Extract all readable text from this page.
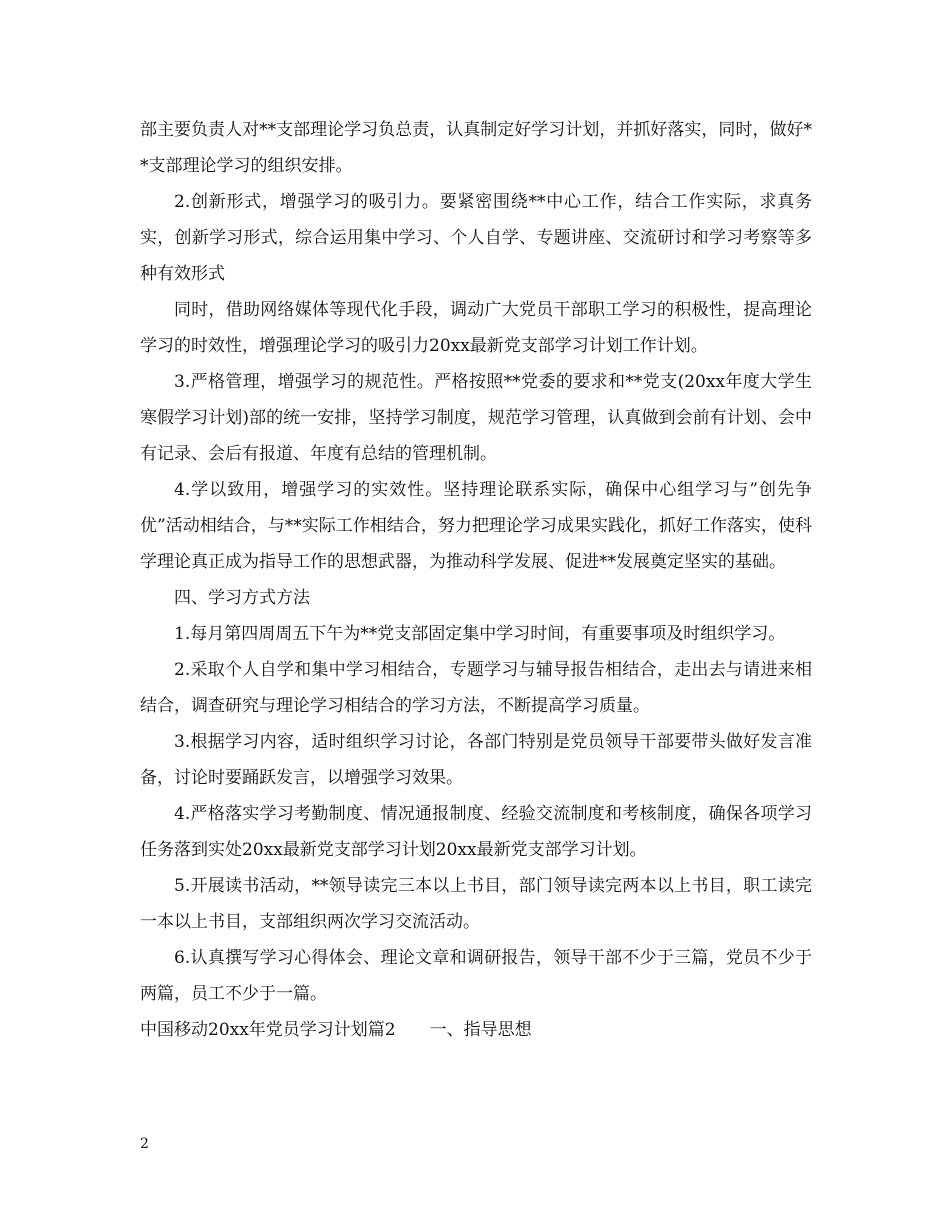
部主要负责人对**支部理论学习负总责，认真制定好学习计划，并抓好落实，同时，做好**支部理论学习的组织安排。

2.创新形式，增强学习的吸引力。要紧密围绕**中心工作，结合工作实际，求真务实，创新学习形式，综合运用集中学习、个人自学、专题讲座、交流研讨和学习考察等多种有效形式

同时，借助网络媒体等现代化手段，调动广大党员干部职工学习的积极性，提高理论学习的时效性，增强理论学习的吸引力20xx最新党支部学习计划工作计划。

3.严格管理，增强学习的规范性。严格按照**党委的要求和**党支(20xx年度大学生寒假学习计划)部的统一安排，坚持学习制度，规范学习管理，认真做到会前有计划、会中有记录、会后有报道、年度有总结的管理机制。

4.学以致用，增强学习的实效性。坚持理论联系实际，确保中心组学习与”创先争优”活动相结合，与**实际工作相结合，努力把理论学习成果实践化，抓好工作落实，使科学理论真正成为指导工作的思想武器，为推动科学发展、促进**发展奠定坚实的基础。

四、学习方式方法

1.每月第四周周五下午为**党支部固定集中学习时间，有重要事项及时组织学习。

2.采取个人自学和集中学习相结合，专题学习与辅导报告相结合，走出去与请进来相结合，调查研究与理论学习相结合的学习方法，不断提高学习质量。

3.根据学习内容，适时组织学习讨论，各部门特别是党员领导干部要带头做好发言准备，讨论时要踊跃发言，以增强学习效果。

4.严格落实学习考勤制度、情况通报制度、经验交流制度和考核制度，确保各项学习任务落到实处20xx最新党支部学习计划20xx最新党支部学习计划。

5.开展读书活动，**领导读完三本以上书目，部门领导读完两本以上书目，职工读完一本以上书目，支部组织两次学习交流活动。

6.认真撰写学习心得体会、理论文章和调研报告，领导干部不少于三篇，党员不少于两篇，员工不少于一篇。

中国移动20xx年党员学习计划篇2　　一、指导思想

2
